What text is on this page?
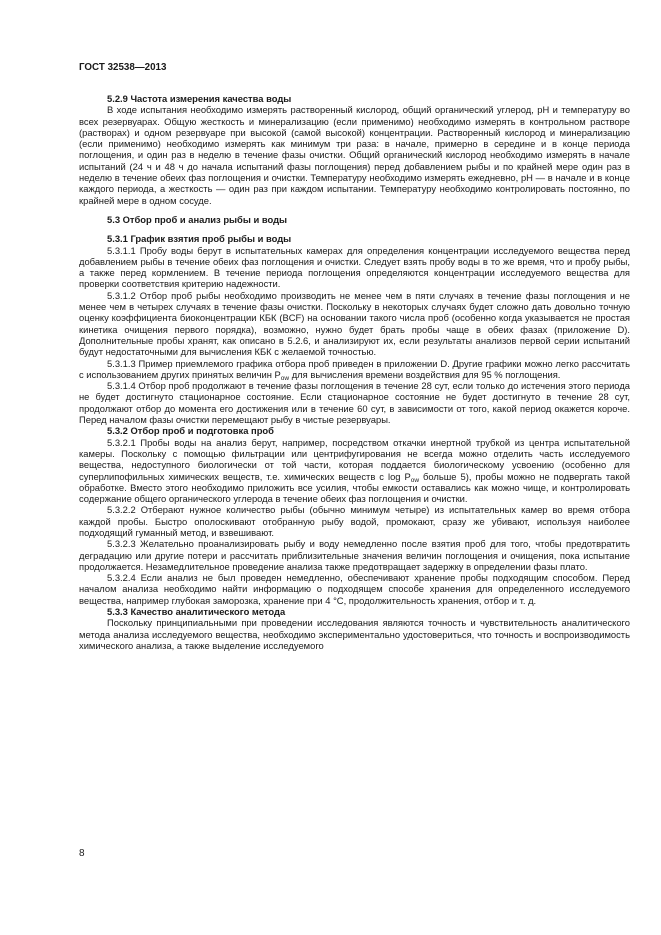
ГОСТ 32538—2013
5.2.9 Частота измерения качества воды
В ходе испытания необходимо измерять растворенный кислород, общий органический углерод, pH и температуру во всех резервуарах. Общую жесткость и минерализацию (если применимо) необходимо измерять в контрольном растворе (растворах) и одном резервуаре при высокой (самой высокой) концентрации. Растворенный кислород и минерализацию (если применимо) необходимо измерять как минимум три раза: в начале, примерно в середине и в конце периода поглощения, и один раз в неделю в течение фазы очистки. Общий органический кислород необходимо измерять в начале испытаний (24 ч и 48 ч до начала испытаний фазы поглощения) перед добавлением рыбы и по крайней мере один раз в неделю в течение обеих фаз поглощения и очистки. Температуру необходимо измерять ежедневно, pH — в начале и в конце каждого периода, а жесткость — один раз при каждом испытании. Температуру необходимо контролировать постоянно, по крайней мере в одном сосуде.
5.3 Отбор проб и анализ рыбы и воды
5.3.1 График взятия проб рыбы и воды
5.3.1.1 Пробу воды берут в испытательных камерах для определения концентрации исследуемого вещества перед добавлением рыбы в течение обеих фаз поглощения и очистки. Следует взять пробу воды в то же время, что и пробу рыбы, а также перед кормлением. В течение периода поглощения определяются концентрации исследуемого вещества для проверки соответствия критерию надежности.
5.3.1.2 Отбор проб рыбы необходимо производить не менее чем в пяти случаях в течение фазы поглощения и не менее чем в четырех случаях в течение фазы очистки. Поскольку в некоторых случаях будет сложно дать довольно точную оценку коэффициента биоконцентрации КБК (BCF) на основании такого числа проб (особенно когда указывается не простая кинетика очищения первого порядка), возможно, нужно будет брать пробы чаще в обеих фазах (приложение D). Дополнительные пробы хранят, как описано в 5.2.6, и анализируют их, если результаты анализов первой серии испытаний будут недостаточными для вычисления КБК с желаемой точностью.
5.3.1.3 Пример приемлемого графика отбора проб приведен в приложении D. Другие графики можно легко рассчитать с использованием других принятых величин $P_{ow}$ для вычисления времени воздействия для 95 % поглощения.
5.3.1.4 Отбор проб продолжают в течение фазы поглощения в течение 28 сут, если только до истечения этого периода не будет достигнуто стационарное состояние. Если стационарное состояние не будет достигнуто в течение 28 сут, продолжают отбор до момента его достижения или в течение 60 сут, в зависимости от того, какой период окажется короче. Перед началом фазы очистки перемещают рыбу в чистые резервуары.
5.3.2 Отбор проб и подготовка проб
5.3.2.1 Пробы воды на анализ берут, например, посредством откачки инертной трубкой из центра испытательной камеры. Поскольку с помощью фильтрации или центрифугирования не всегда можно отделить часть исследуемого вещества, недоступного биологически от той части, которая поддается биологическому усвоению (особенно для суперлипофильных химических веществ, т.е. химических веществ с $\log P_{ow}$ больше 5), пробы можно не подвергать такой обработке. Вместо этого необходимо приложить все усилия, чтобы емкости оставались как можно чище, и контролировать содержание общего органического углерода в течение обеих фаз поглощения и очистки.
5.3.2.2 Отберают нужное количество рыбы (обычно минимум четыре) из испытательных камер во время отбора каждой пробы. Быстро ополоскивают отобранную рыбу водой, промокают, сразу же убивают, используя наиболее подходящий гуманный метод, и взвешивают.
5.3.2.3 Желательно проанализировать рыбу и воду немедленно после взятия проб для того, чтобы предотвратить деградацию или другие потери и рассчитать приблизительные значения величин поглощения и очищения, пока испытание продолжается. Незамедлительное проведение анализа также предотвращает задержку в определении фазы плато.
5.3.2.4 Если анализ не был проведен немедленно, обеспечивают хранение пробы подходящим способом. Перед началом анализа необходимо найти информацию о подходящем способе хранения для определенного исследуемого вещества, например глубокая заморозка, хранение при 4 °С, продолжительность хранения, отбор и т. д.
5.3.3 Качество аналитического метода
Поскольку принципиальными при проведении исследования являются точность и чувствительность аналитического метода анализа исследуемого вещества, необходимо экспериментально удостовериться, что точность и воспроизводимость химического анализа, а также выделение исследуемого
8
